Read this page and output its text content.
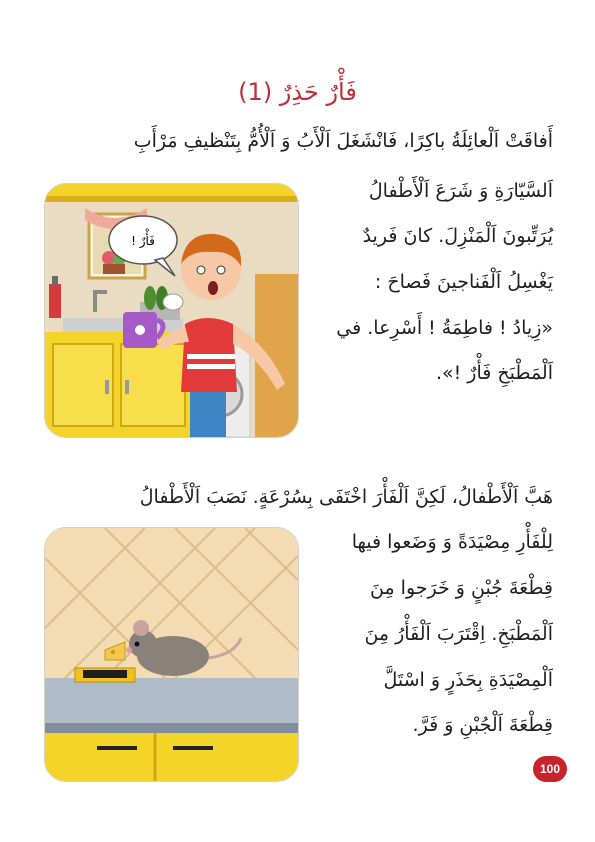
فَأْرٌ حَذِرٌ (1)
أَفاقَتْ اَلْعائِلَةُ باكِرًا، فَانْشَغَلَ اَلْأَبُ وَ اَلْأُمُّ بِتَنْظيفِ مَرْأَبِ
اَلسَّيّارَةِ وَ شَرَعَ اَلْأَطْفالُ
يُرَتِّبونَ اَلْمَنْزِلَ. كانَ فَريدٌ
يَغْسِلُ اَلْفَناجينَ فَصاحَ :
«زِيادُ ! فاطِمَةُ ! أَسْرِعا. في
اَلْمَطْبَخِ فَأْرٌ !».
فَأْرٌ !
هَبَّ اَلْأَطْفالُ، لَكِنَّ اَلْفَأْرَ اخْتَفَى بِسُرْعَةٍ. نَصَبَ اَلْأَطْفالُ
لِلْفَأْرِ مِصْيَدَةً وَ وَضَعوا فيها
قِطْعَةَ جُبْنٍ وَ خَرَجوا مِنَ
اَلْمَطْبَخِ. اِقْتَرَبَ اَلْفَأْرُ مِنَ
اَلْمِصْيَدَةِ بِحَذَرٍ وَ اسْتَلَّ
قِطْعَةَ اَلْجُبْنِ وَ فَرَّ.
100
